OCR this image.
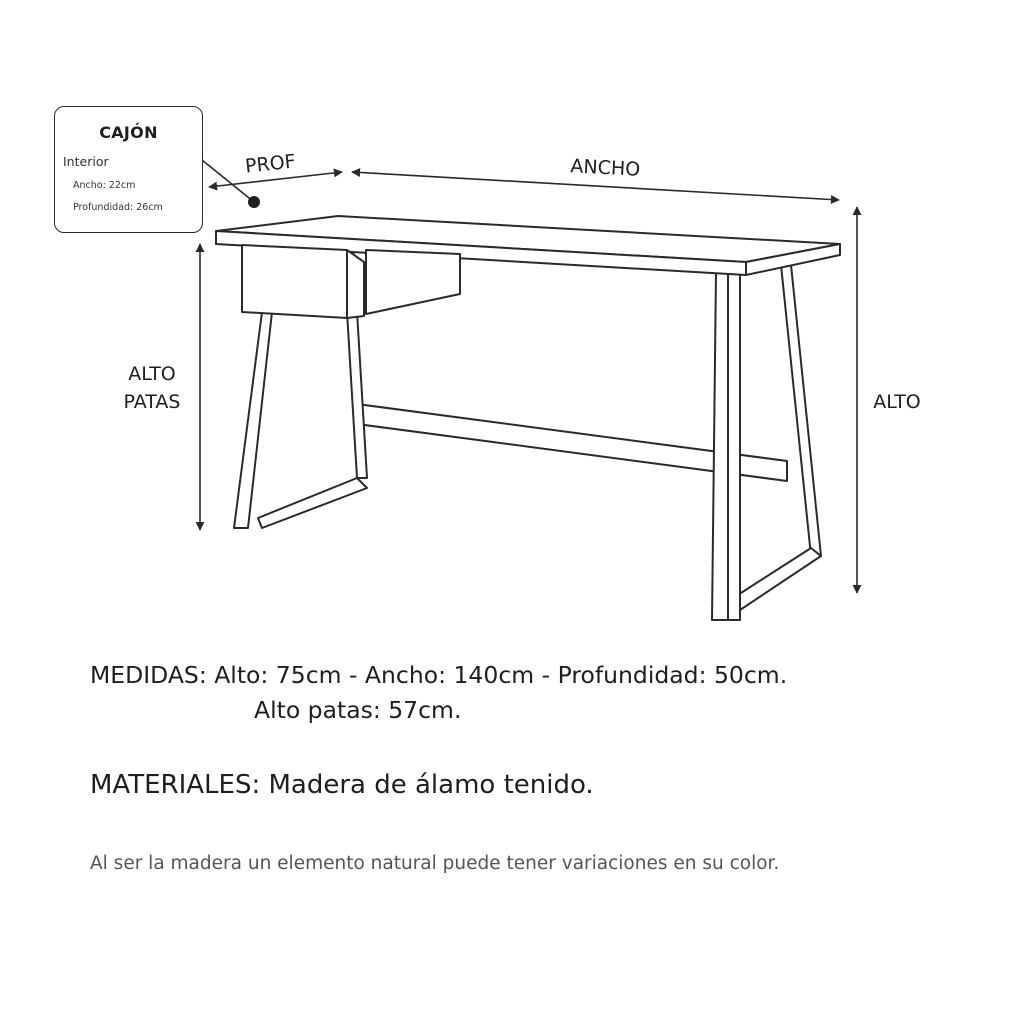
PROF	ANCHO
ALTO
PATAS	ALTO
CAJÓN
Interior
Ancho: 22cm
Profundidad: 26cm
MEDIDAS: Alto: 75cm - Ancho: 140cm - Profundidad: 50cm.
Alto patas: 57cm.
MATERIALES: Madera de álamo tenido.
Al ser la madera un elemento natural puede tener variaciones en su color.
